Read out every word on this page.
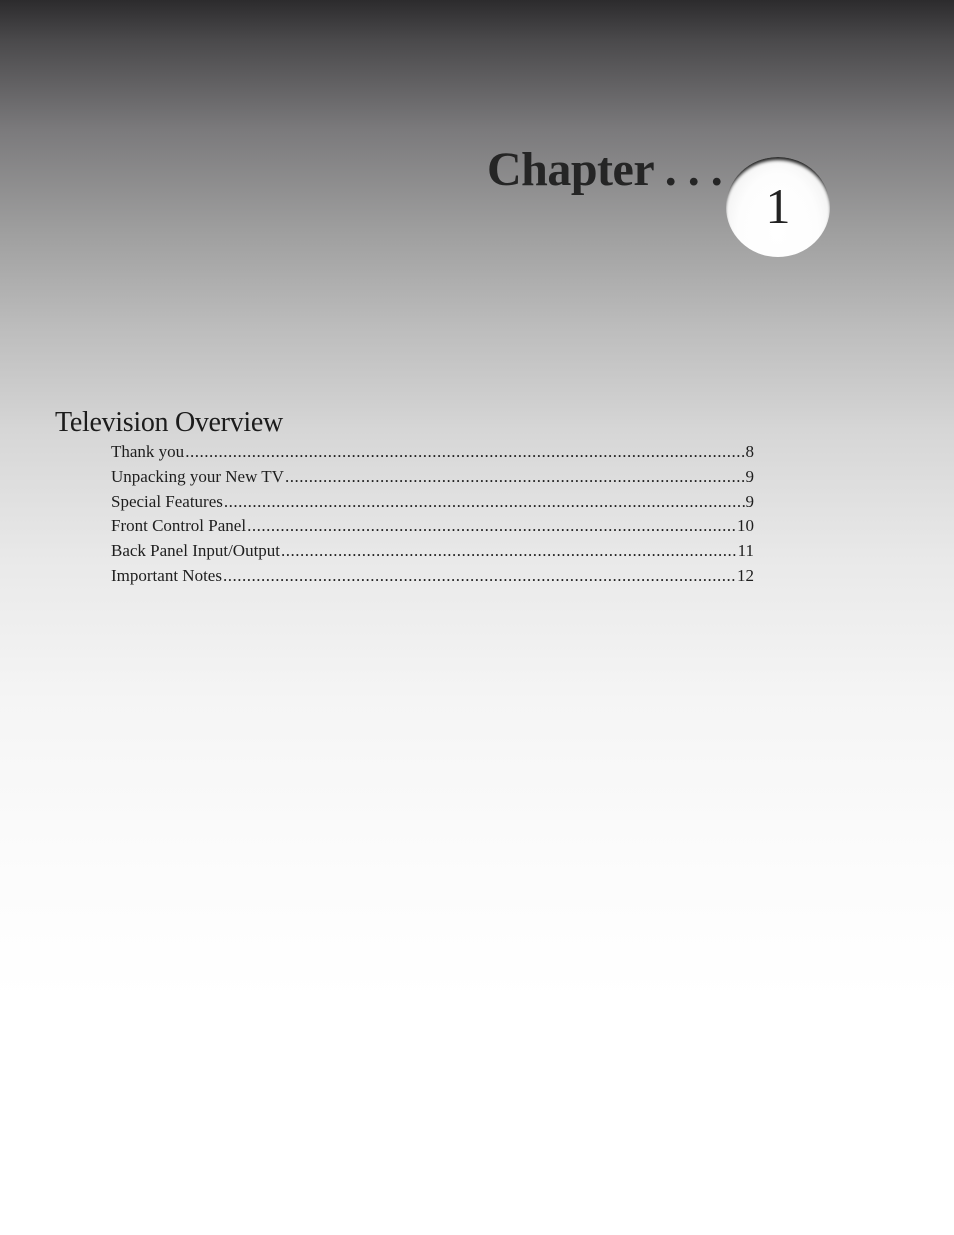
Chapter . . .
1
Television Overview
Thank you .....	8
Unpacking your New TV .....	9
Special Features .....	9
Front Control Panel .....	10
Back Panel Input/Output .....	11
Important Notes .....	12
